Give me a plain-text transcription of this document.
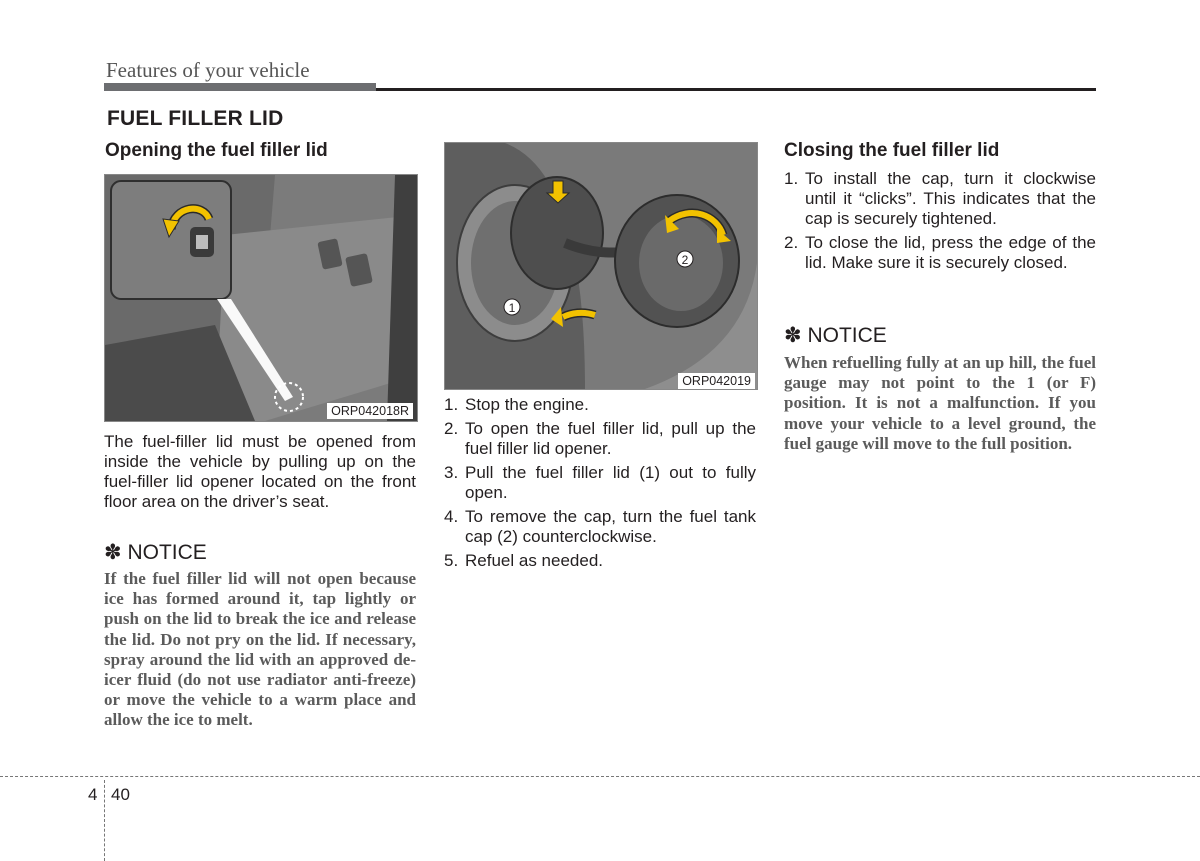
Features of your vehicle
FUEL FILLER LID
Opening the fuel filler lid
ORP042018R
The fuel-filler lid must be opened from inside the vehicle by pulling up on the fuel-filler lid opener located on the front floor area on the driver’s seat.
✽ NOTICE
If the fuel filler lid will not open because ice has formed around it, tap lightly or push on the lid to break the ice and release the lid. Do not pry on the lid. If necessary, spray around the lid with an approved de-icer fluid (do not use radiator anti-freeze) or move the vehicle to a warm place and allow the ice to melt.
1
2
ORP042019
1. Stop the engine.
2. To open the fuel filler lid, pull up the fuel filler lid opener.
3. Pull the fuel filler lid (1) out to fully open.
4. To remove the cap, turn the fuel tank cap (2) counterclockwise.
5. Refuel as needed.
Closing the fuel filler lid
1. To install the cap, turn it clockwise until it “clicks”. This indicates that the cap is securely tightened.
2. To close the lid, press the edge of the lid. Make sure it is securely closed.
✽ NOTICE
When refuelling fully at an up hill, the fuel gauge may not point to the 1 (or F) position. It is not a malfunction. If you move your vehicle to a level ground, the fuel gauge will move to the full position.
4 40
